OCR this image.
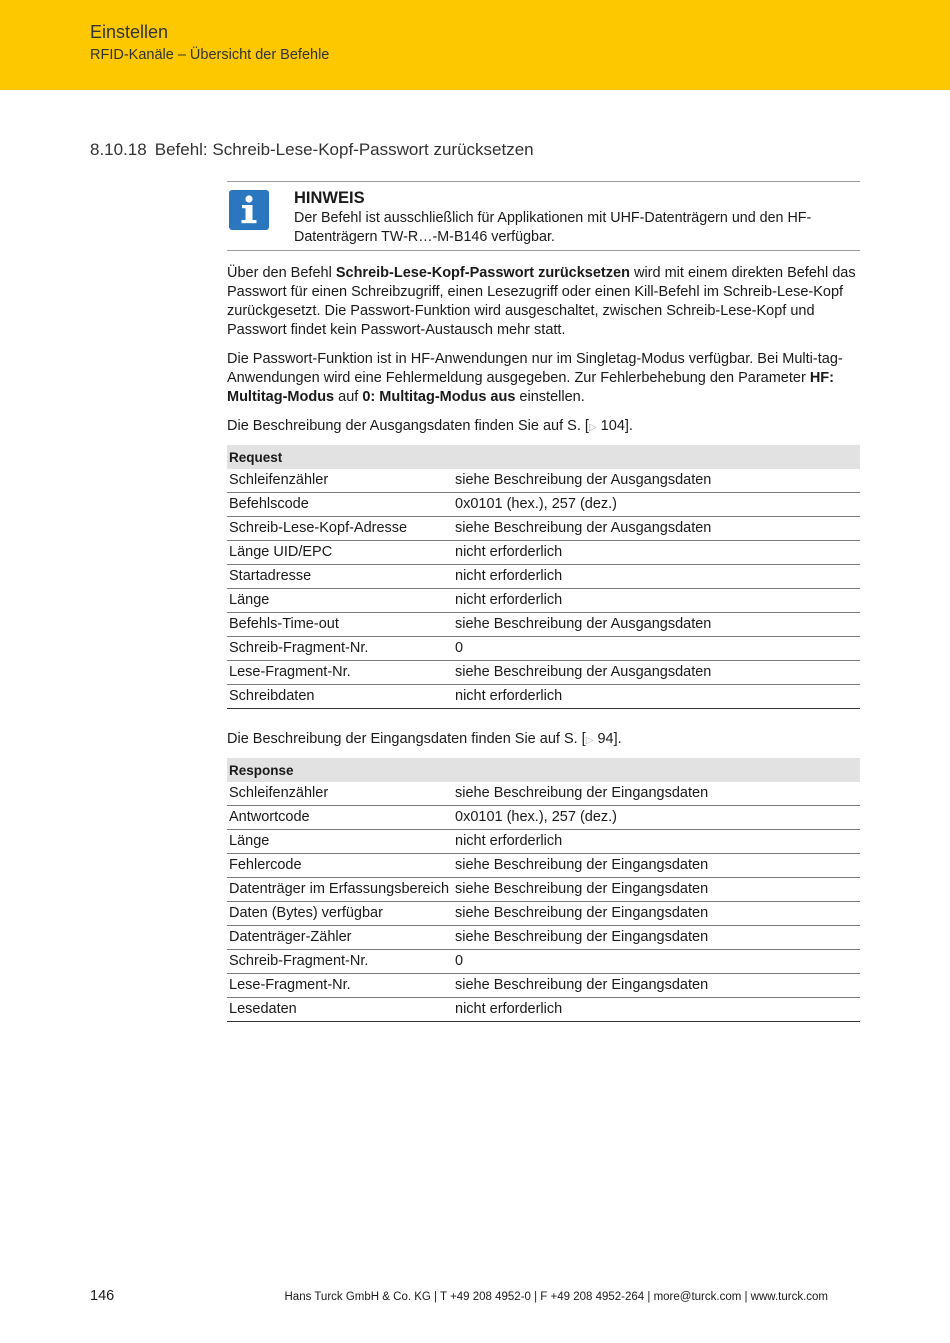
Einstellen
RFID-Kanäle – Übersicht der Befehle
8.10.18 Befehl: Schreib-Lese-Kopf-Passwort zurücksetzen
HINWEIS
Der Befehl ist ausschließlich für Applikationen mit UHF-Datenträgern und den HF-Datenträgern TW-R…-M-B146 verfügbar.

Über den Befehl Schreib-Lese-Kopf-Passwort zurücksetzen wird mit einem direkten Befehl das Passwort für einen Schreibzugriff, einen Lesezugriff oder einen Kill-Befehl im Schreib-Lese-Kopf zurückgesetzt. Die Passwort-Funktion wird ausgeschaltet, zwischen Schreib-Lese-Kopf und Passwort findet kein Passwort-Austausch mehr statt.

Die Passwort-Funktion ist in HF-Anwendungen nur im Singletag-Modus verfügbar. Bei Multi-tag-Anwendungen wird eine Fehlermeldung ausgegeben. Zur Fehlerbehebung den Parameter HF: Multitag-Modus auf 0: Multitag-Modus aus einstellen.

Die Beschreibung der Ausgangsdaten finden Sie auf S. [▷ 104].

Request	
Schleifenzähler	siehe Beschreibung der Ausgangsdaten
Befehlscode	0x0101 (hex.), 257 (dez.)
Schreib-Lese-Kopf-Adresse	siehe Beschreibung der Ausgangsdaten
Länge UID/EPC	nicht erforderlich
Startadresse	nicht erforderlich
Länge	nicht erforderlich
Befehls-Time-out	siehe Beschreibung der Ausgangsdaten
Schreib-Fragment-Nr.	0
Lese-Fragment-Nr.	siehe Beschreibung der Ausgangsdaten
Schreibdaten	nicht erforderlich

Die Beschreibung der Eingangsdaten finden Sie auf S. [▷ 94].

Response	
Schleifenzähler	siehe Beschreibung der Eingangsdaten
Antwortcode	0x0101 (hex.), 257 (dez.)
Länge	nicht erforderlich
Fehlercode	siehe Beschreibung der Eingangsdaten
Datenträger im Erfassungsbereich	siehe Beschreibung der Eingangsdaten
Daten (Bytes) verfügbar	siehe Beschreibung der Eingangsdaten
Datenträger-Zähler	siehe Beschreibung der Eingangsdaten
Schreib-Fragment-Nr.	0
Lese-Fragment-Nr.	siehe Beschreibung der Eingangsdaten
Lesedaten	nicht erforderlich
146	Hans Turck GmbH & Co. KG | T +49 208 4952-0 | F +49 208 4952-264 | more@turck.com | www.turck.com
